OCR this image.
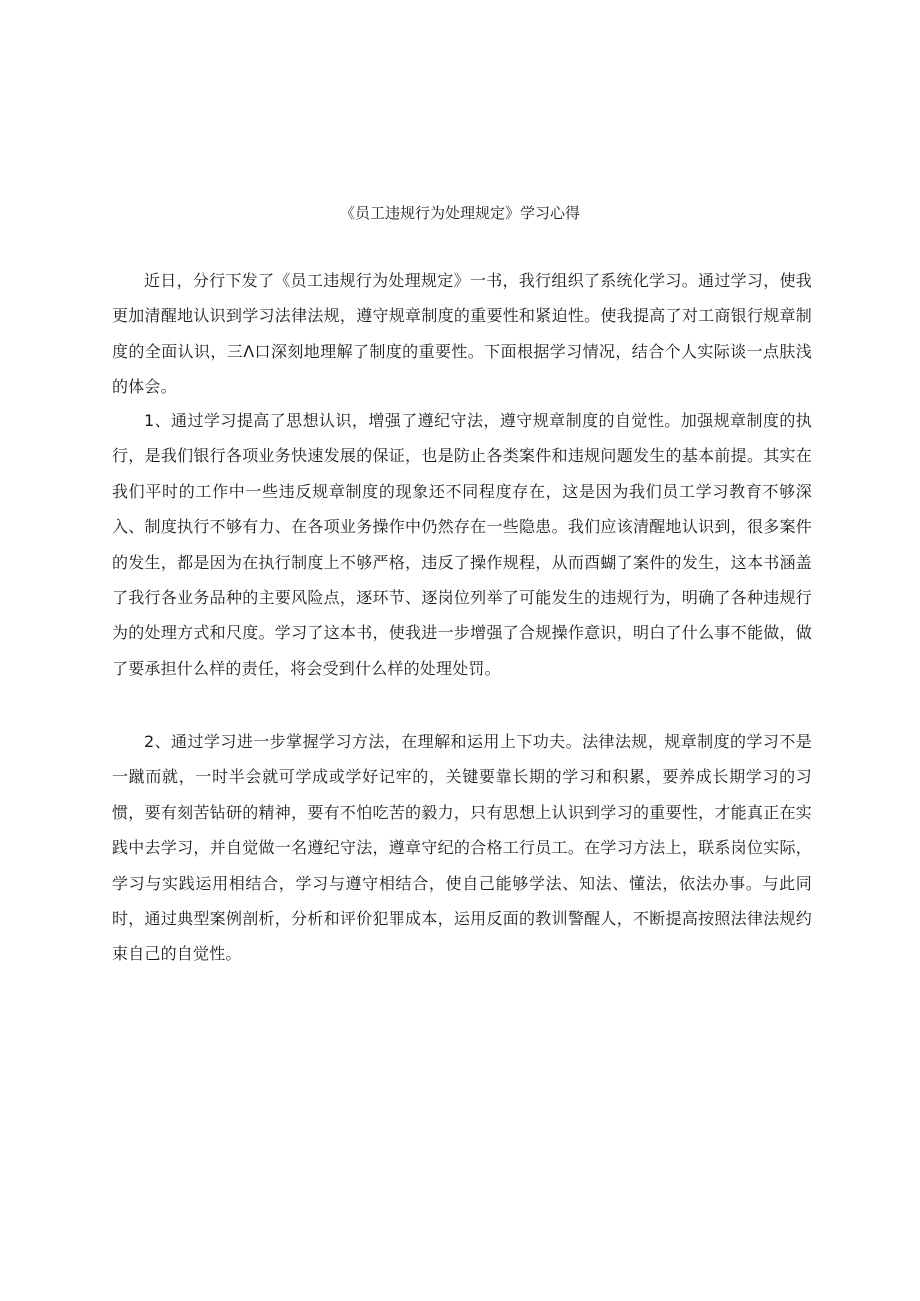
《员工违规行为处理规定》学习心得

近日，分行下发了《员工违规行为处理规定》一书，我行组织了系统化学习。通过学习，使我更加清醒地认识到学习法律法规，遵守规章制度的重要性和紧迫性。使我提高了对工商银行规章制度的全面认识，三Λ口深刻地理解了制度的重要性。下面根据学习情况，结合个人实际谈一点肤浅的体会。

1、通过学习提高了思想认识，增强了遵纪守法，遵守规章制度的自觉性。加强规章制度的执行，是我们银行各项业务快速发展的保证，也是防止各类案件和违规问题发生的基本前提。其实在我们平时的工作中一些违反规章制度的现象还不同程度存在，这是因为我们员工学习教育不够深入、制度执行不够有力、在各项业务操作中仍然存在一些隐患。我们应该清醒地认识到，很多案件的发生，都是因为在执行制度上不够严格，违反了操作规程，从而酉蝴了案件的发生，这本书涵盖了我行各业务品种的主要风险点，逐环节、逐岗位列举了可能发生的违规行为，明确了各种违规行为的处理方式和尺度。学习了这本书，使我进一步增强了合规操作意识，明白了什么事不能做，做了要承担什么样的责任，将会受到什么样的处理处罚。

2、通过学习进一步掌握学习方法，在理解和运用上下功夫。法律法规，规章制度的学习不是一蹴而就，一时半会就可学成或学好记牢的，关键要靠长期的学习和积累，要养成长期学习的习惯，要有刻苦钻研的精神，要有不怕吃苦的毅力，只有思想上认识到学习的重要性，才能真正在实践中去学习，并自觉做一名遵纪守法，遵章守纪的合格工行员工。在学习方法上，联系岗位实际，学习与实践运用相结合，学习与遵守相结合，使自己能够学法、知法、懂法，依法办事。与此同时，通过典型案例剖析，分析和评价犯罪成本，运用反面的教训警醒人，不断提高按照法律法规约束自己的自觉性。
